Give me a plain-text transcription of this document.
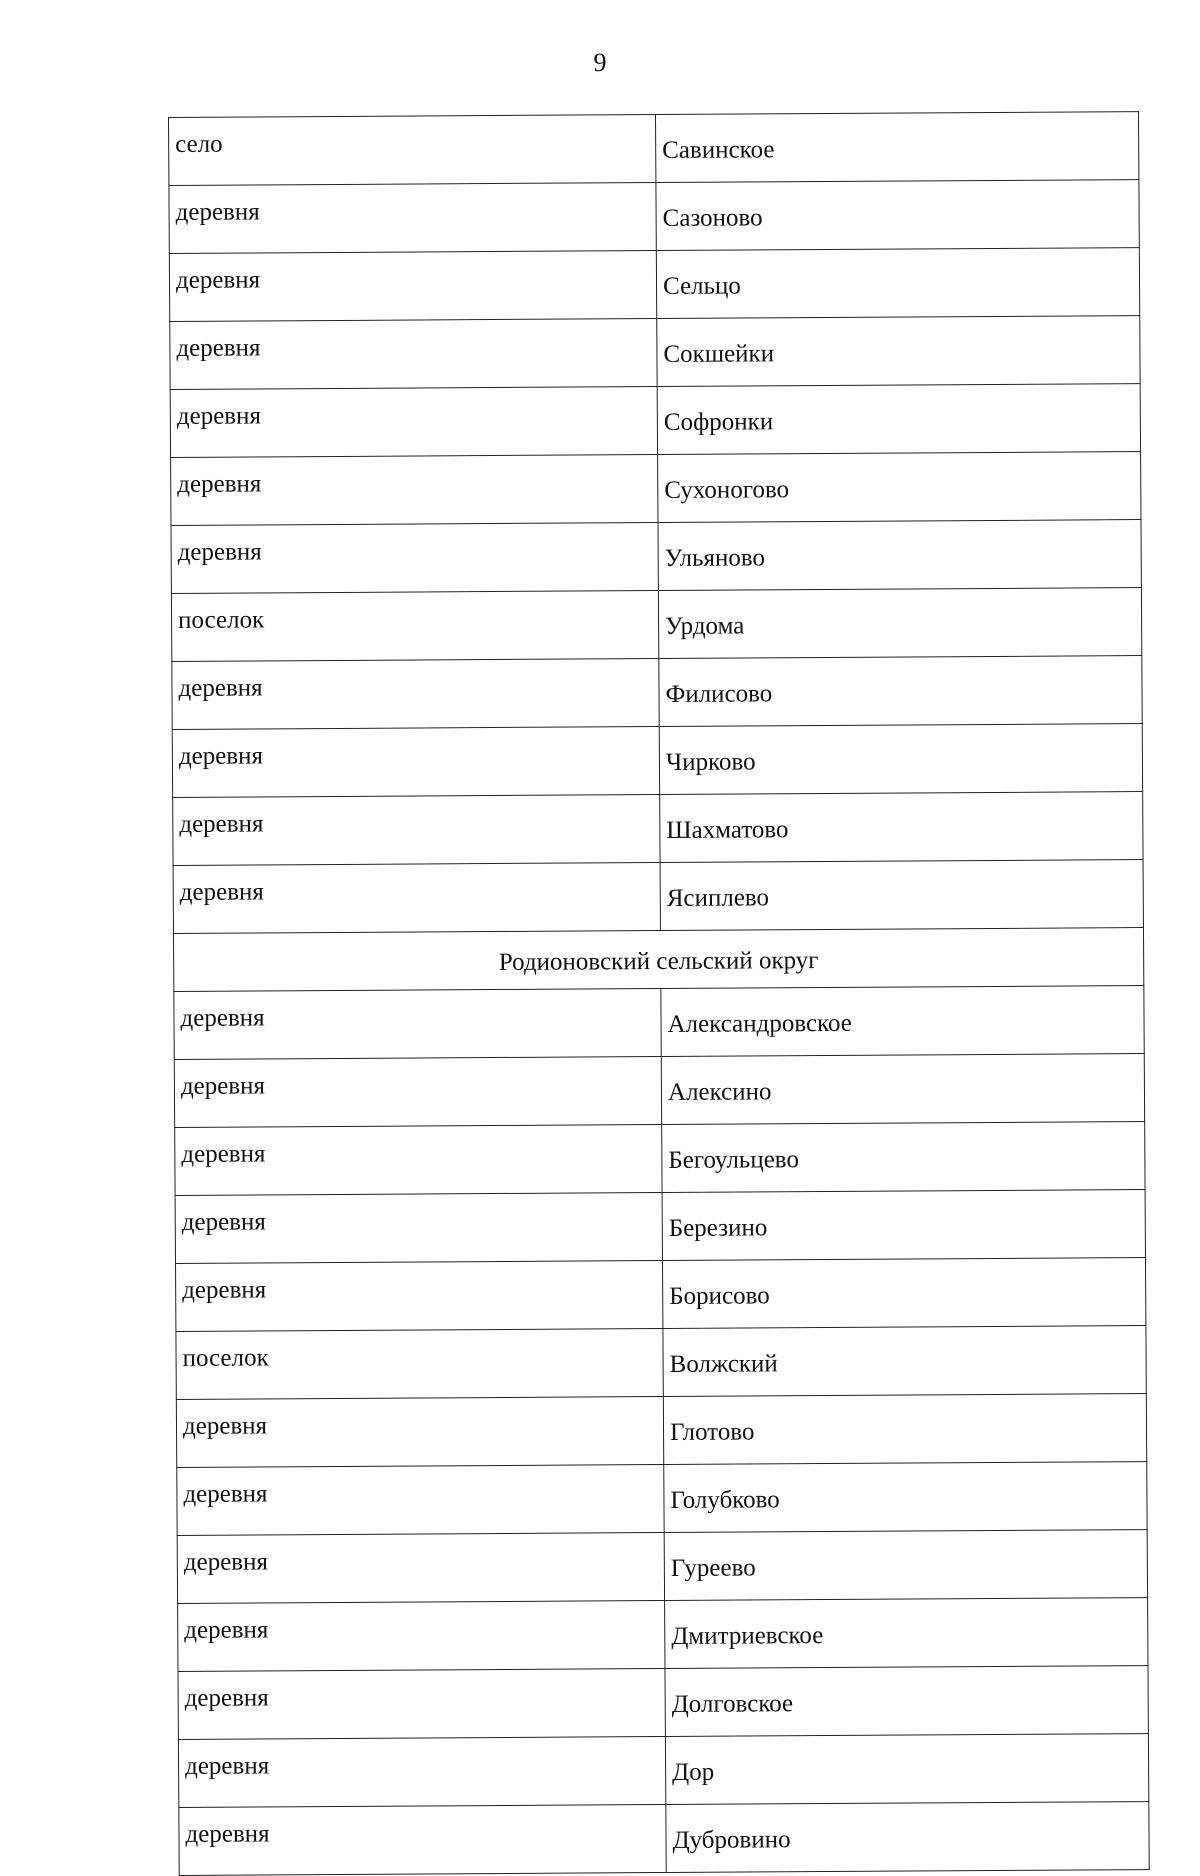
9
село	Савинское
деревня	Сазоново
деревня	Сельцо
деревня	Сокшейки
деревня	Софронки
деревня	Сухоногово
деревня	Ульяново
поселок	Урдома
деревня	Филисово
деревня	Чирково
деревня	Шахматово
деревня	Ясиплево
Родионовский сельский округ	
деревня	Александровское
деревня	Алексино
деревня	Бегоульцево
деревня	Березино
деревня	Борисово
поселок	Волжский
деревня	Глотово
деревня	Голубково
деревня	Гуреево
деревня	Дмитриевское
деревня	Долговское
деревня	Дор
деревня	Дубровино
